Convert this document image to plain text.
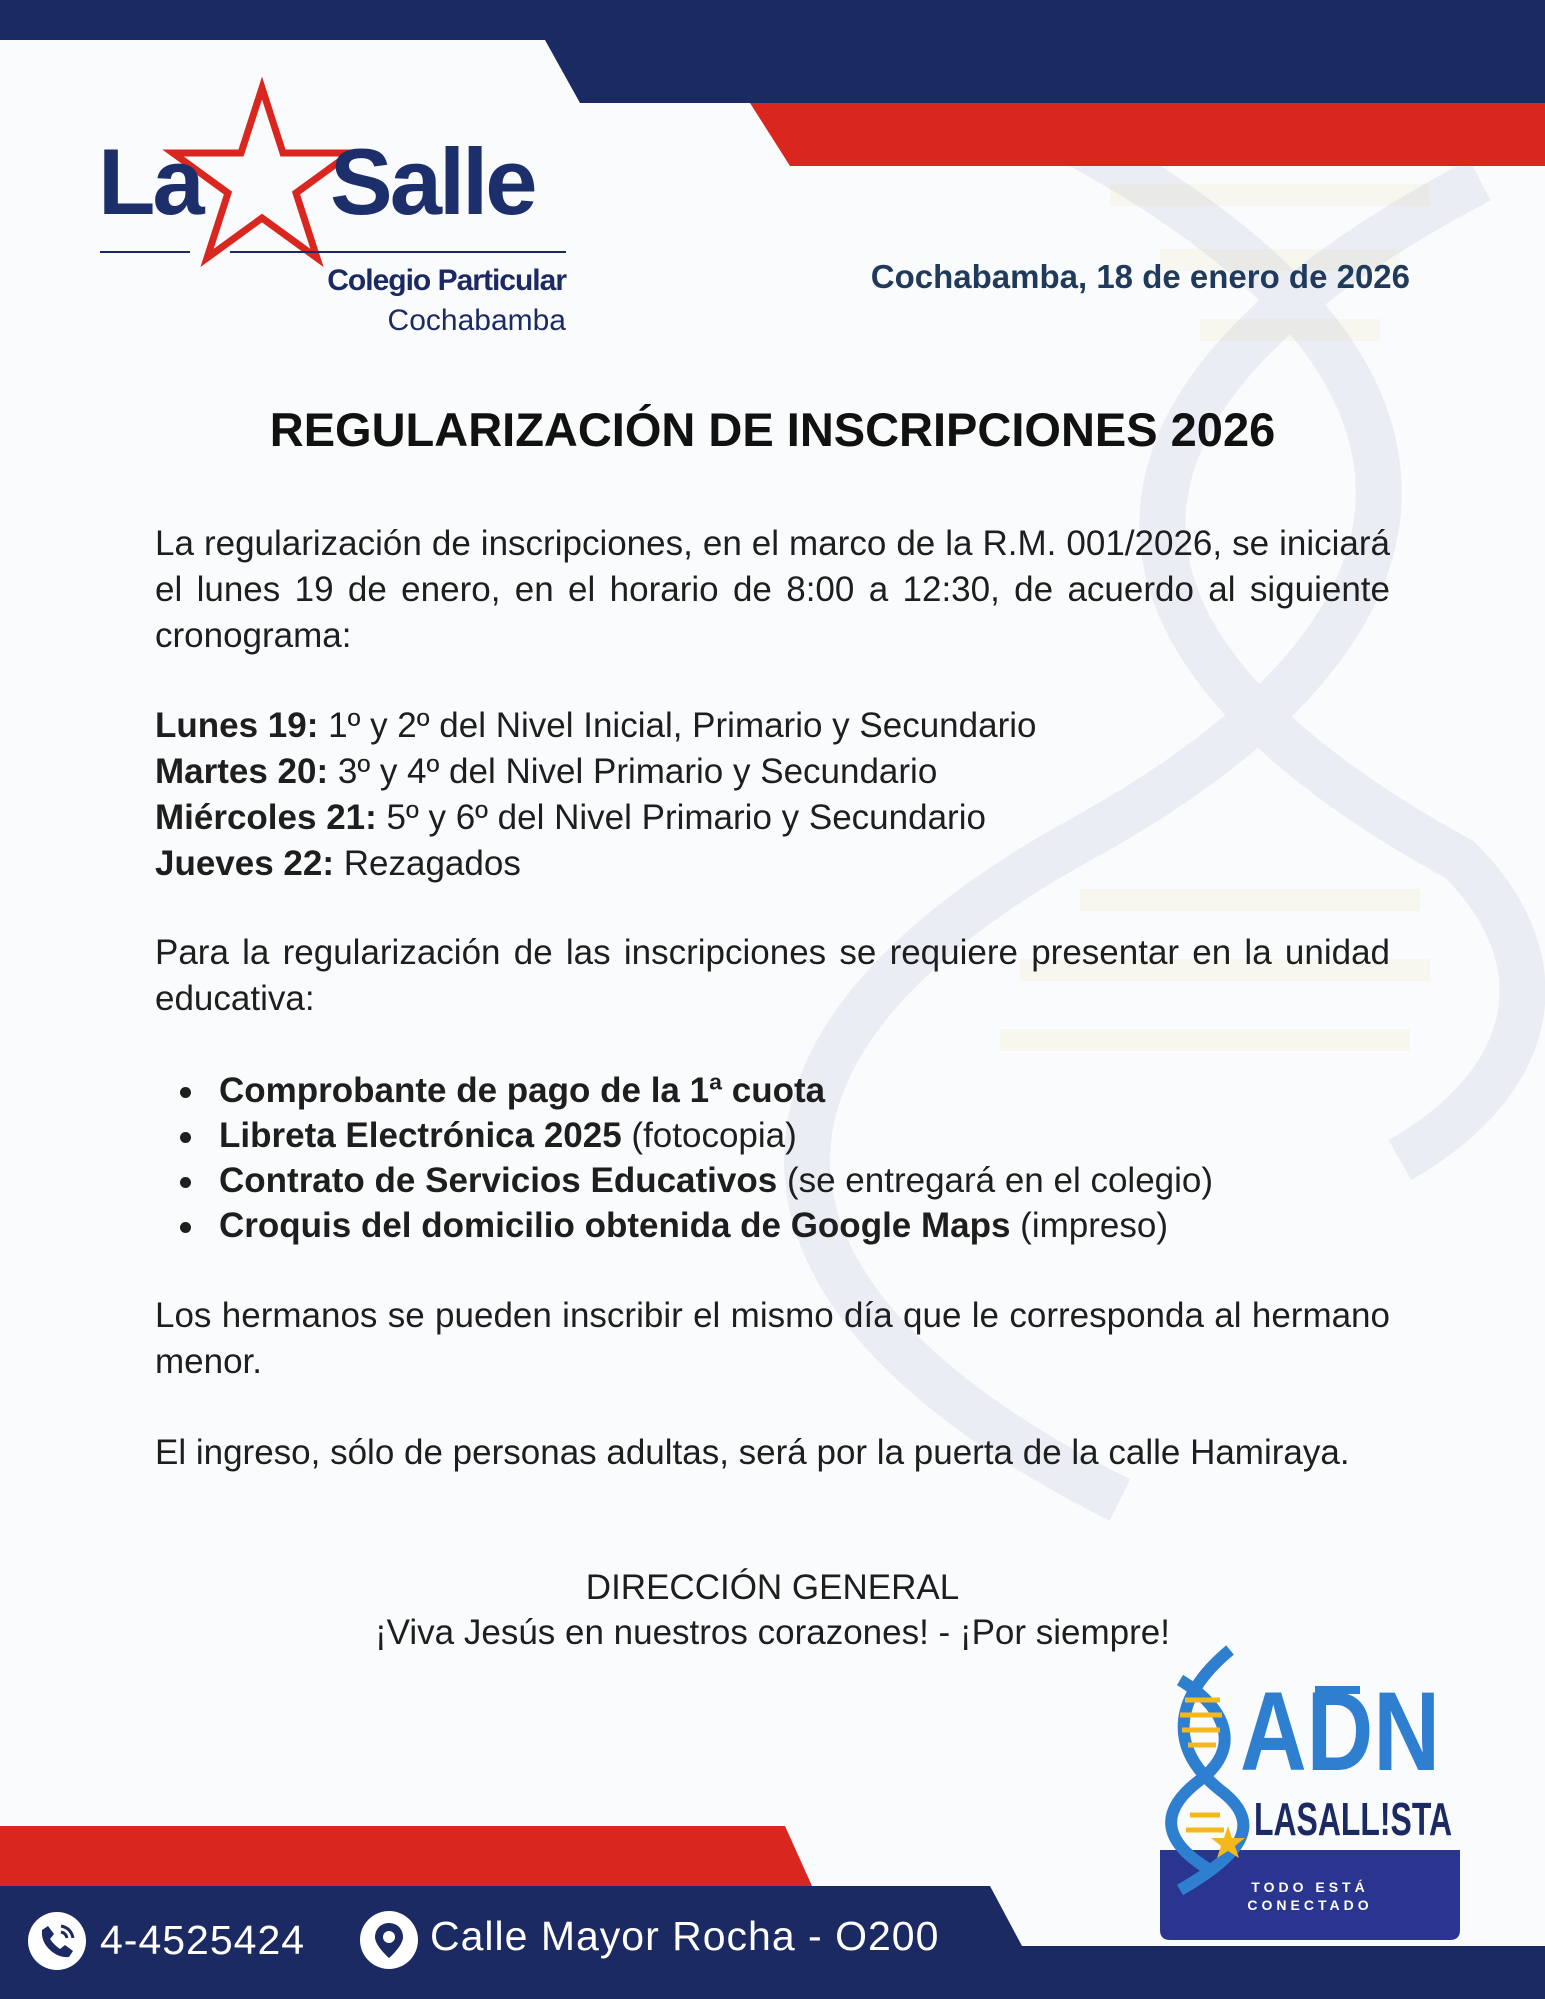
La Salle
Colegio Particular
Cochabamba
Cochabamba, 18 de enero de 2026
REGULARIZACIÓN DE INSCRIPCIONES 2026
La regularización de inscripciones, en el marco de la R.M. 001/2026, se iniciará el lunes 19 de enero, en el horario de 8:00 a 12:30, de acuerdo al siguiente cronograma:
Lunes 19: 1º y 2º del Nivel Inicial, Primario y Secundario
Martes 20: 3º y 4º del Nivel Primario y Secundario
Miércoles 21: 5º y 6º del Nivel Primario y Secundario
Jueves 22: Rezagados
Para la regularización de las inscripciones se requiere presentar en la unidad educativa:
Comprobante de pago de la 1ª cuota
Libreta Electrónica 2025 (fotocopia)
Contrato de Servicios Educativos (se entregará en el colegio)
Croquis del domicilio obtenida de Google Maps (impreso)
Los hermanos se pueden inscribir el mismo día que le corresponda al hermano menor.
El ingreso, sólo de personas adultas, será por la puerta de la calle Hamiraya.
DIRECCIÓN GENERAL
¡Viva Jesús en nuestros corazones! - ¡Por siempre!
ADN
LASALL!STA
TODO ESTÁ
CONECTADO
4-4525424	Calle Mayor Rocha - O200
